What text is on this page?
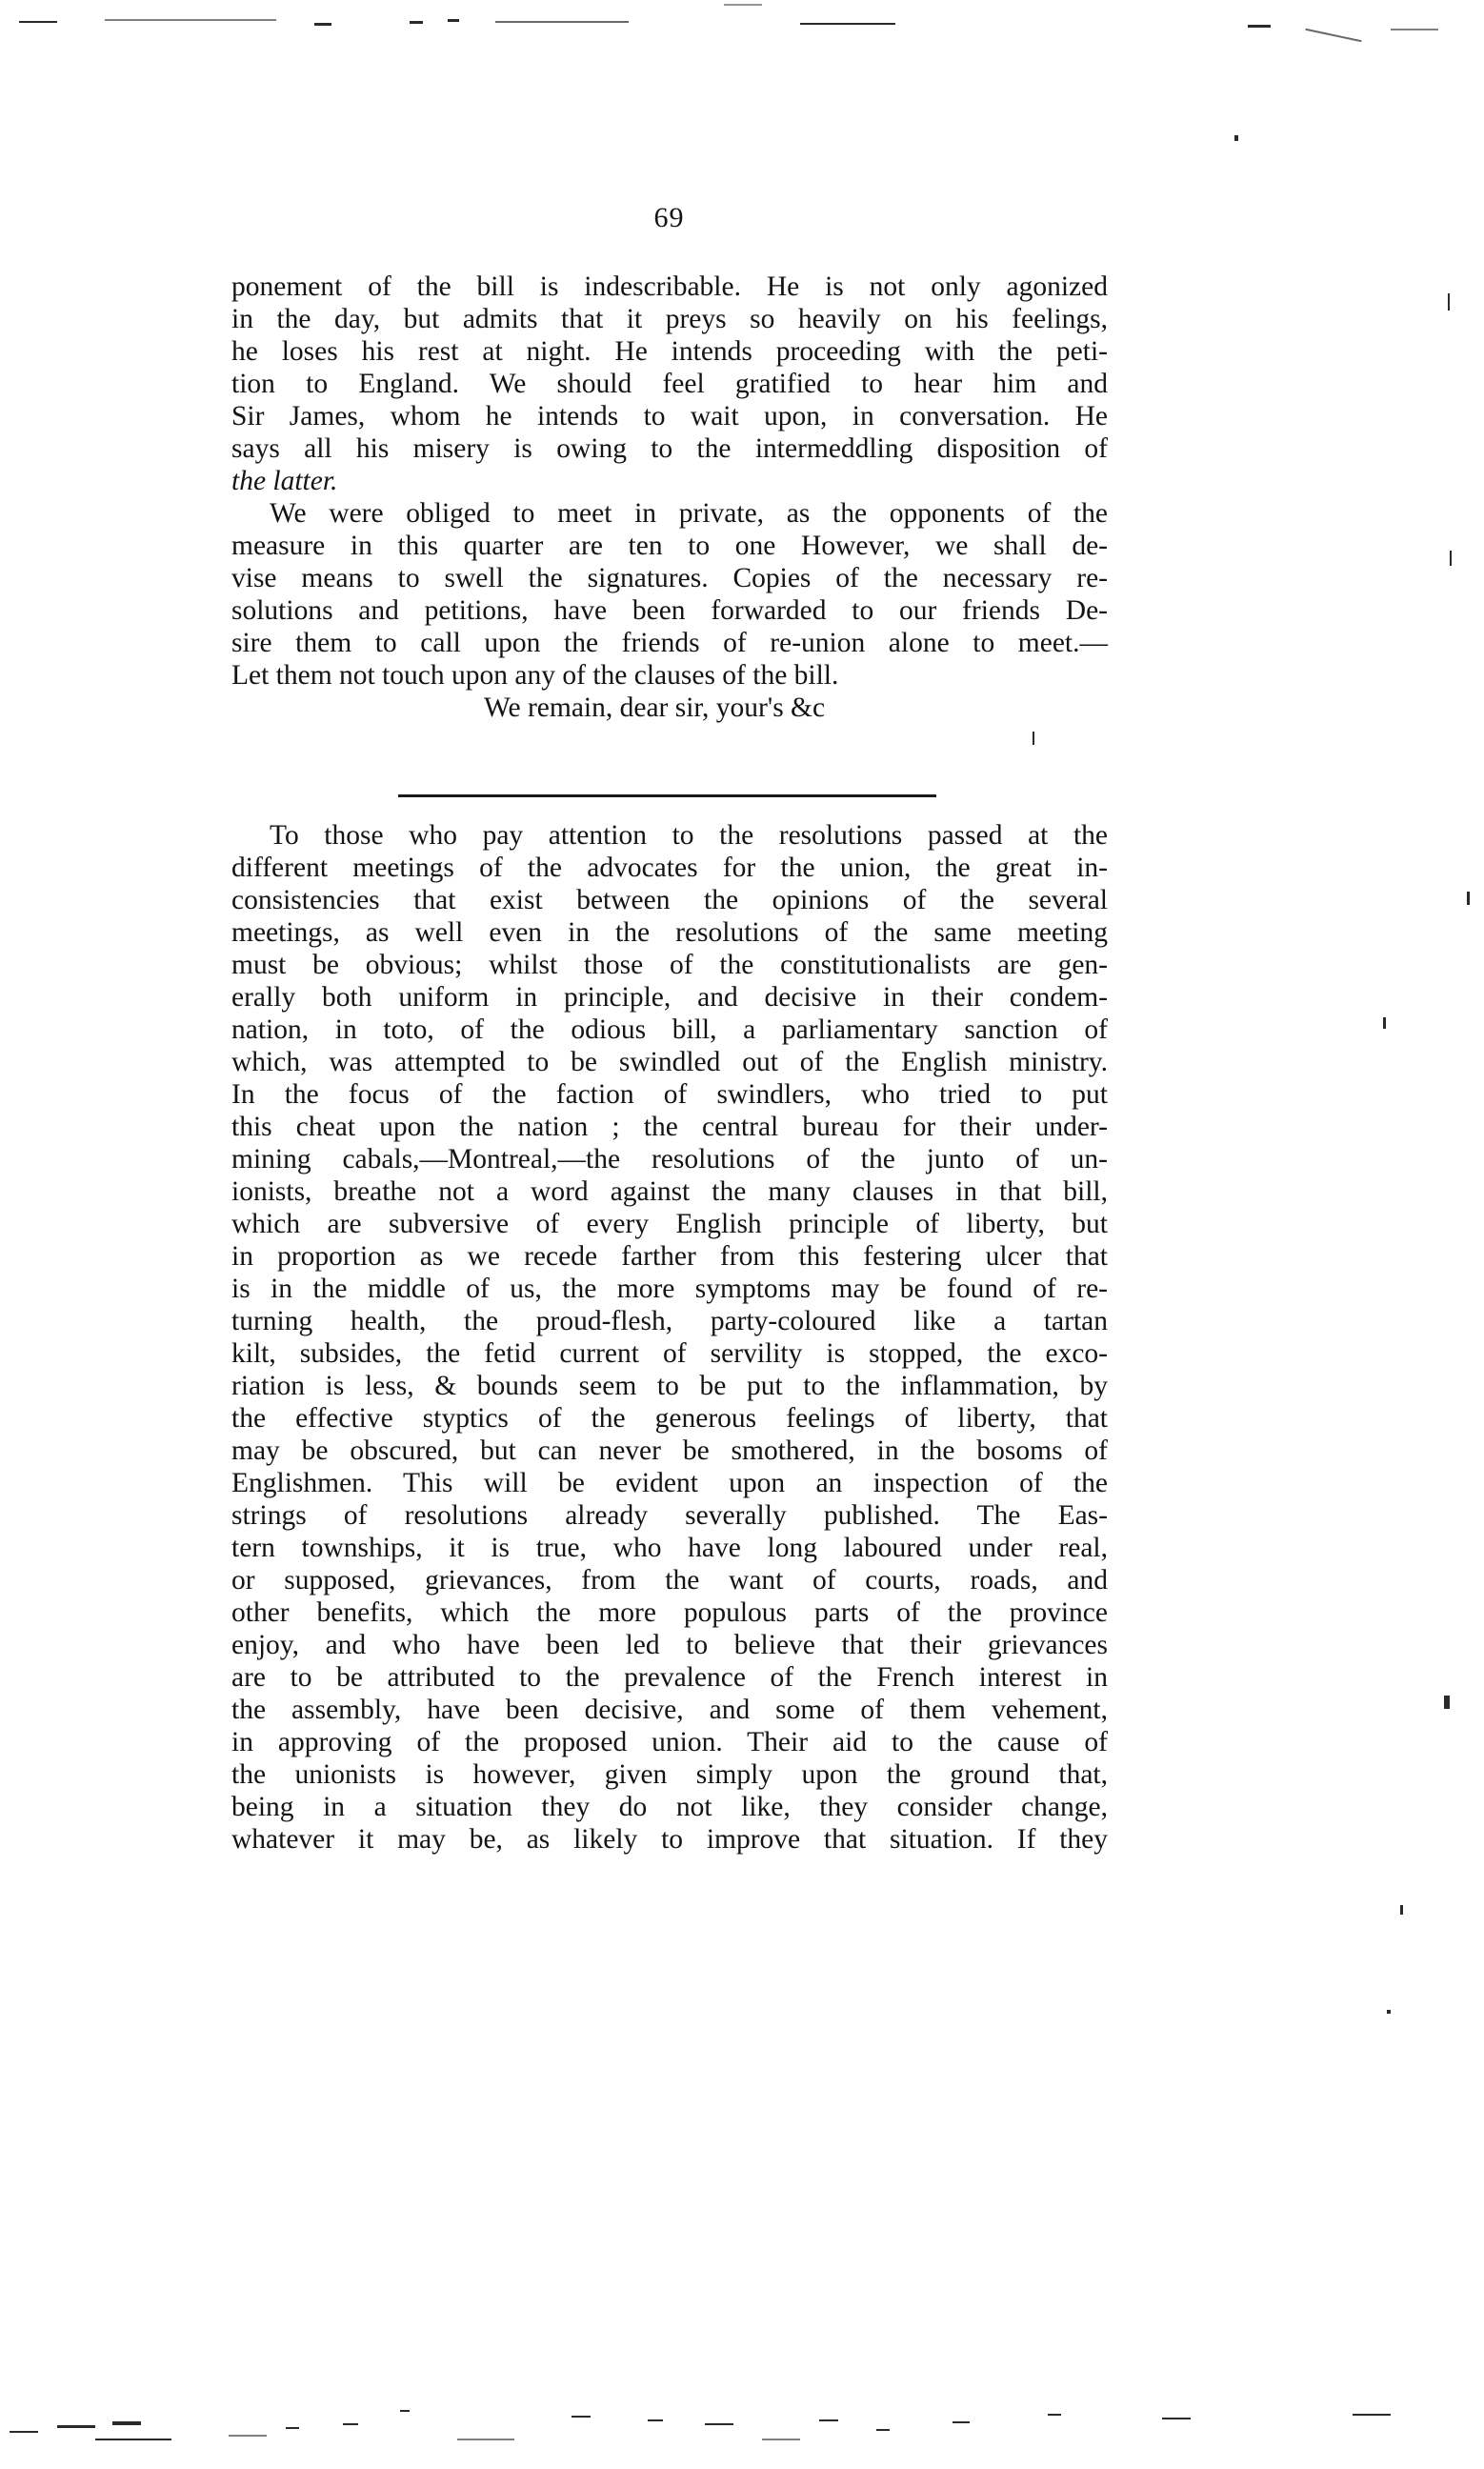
69
ponement of the bill is indescribable. He is not only agonized
in the day, but admits that it preys so heavily on his feelings,
he loses his rest at night. He intends proceeding with the peti-
tion to England. We should feel gratified to hear him and
Sir James, whom he intends to wait upon, in conversation. He
says all his misery is owing to the intermeddling disposition of
the latter.
We were obliged to meet in private, as the opponents of the
measure in this quarter are ten to one However, we shall de-
vise means to swell the signatures. Copies of the necessary re-
solutions and petitions, have been forwarded to our friends De-
sire them to call upon the friends of re-union alone to meet.—
Let them not touch upon any of the clauses of the bill.
We remain, dear sir, your's &c
To those who pay attention to the resolutions passed at the
different meetings of the advocates for the union, the great in-
consistencies that exist between the opinions of the several
meetings, as well even in the resolutions of the same meeting
must be obvious; whilst those of the constitutionalists are gen-
erally both uniform in principle, and decisive in their condem-
nation, in toto, of the odious bill, a parliamentary sanction of
which, was attempted to be swindled out of the English ministry.
In the focus of the faction of swindlers, who tried to put
this cheat upon the nation ; the central bureau for their under-
mining cabals,—Montreal,—the resolutions of the junto of un-
ionists, breathe not a word against the many clauses in that bill,
which are subversive of every English principle of liberty, but
in proportion as we recede farther from this festering ulcer that
is in the middle of us, the more symptoms may be found of re-
turning health, the proud-flesh, party-coloured like a tartan
kilt, subsides, the fetid current of servility is stopped, the exco-
riation is less, & bounds seem to be put to the inflammation, by
the effective styptics of the generous feelings of liberty, that
may be obscured, but can never be smothered, in the bosoms of
Englishmen. This will be evident upon an inspection of the
strings of resolutions already severally published. The Eas-
tern townships, it is true, who have long laboured under real,
or supposed, grievances, from the want of courts, roads, and
other benefits, which the more populous parts of the province
enjoy, and who have been led to believe that their grievances
are to be attributed to the prevalence of the French interest in
the assembly, have been decisive, and some of them vehement,
in approving of the proposed union. Their aid to the cause of
the unionists is however, given simply upon the ground that,
being in a situation they do not like, they consider change,
whatever it may be, as likely to improve that situation. If they
